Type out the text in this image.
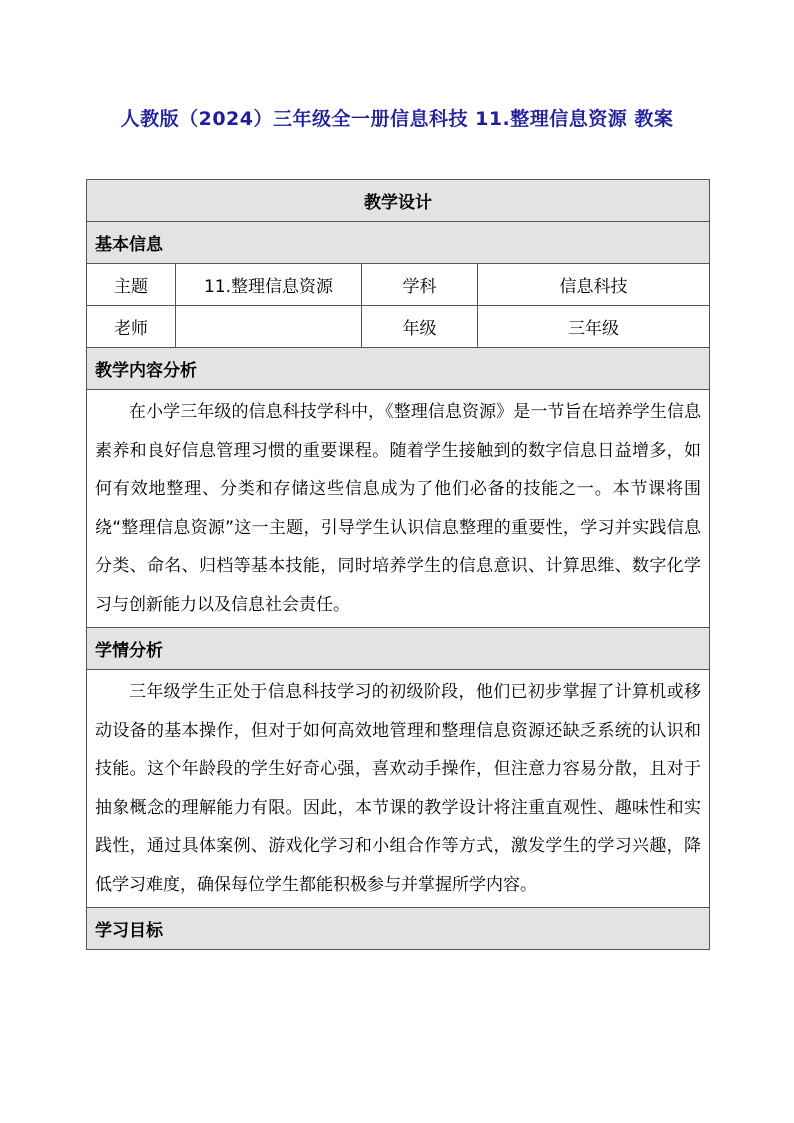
人教版（2024）三年级全一册信息科技 11.整理信息资源 教案
教学设计			
基本信息			
主题	11.整理信息资源	学科	信息科技
老师		年级	三年级
教学内容分析			

在小学三年级的信息科技学科中，《整理信息资源》是一节旨在培养学生信息素养和良好信息管理习惯的重要课程。随着学生接触到的数字信息日益增多，如何有效地整理、分类和存储这些信息成为了他们必备的技能之一。本节课将围绕“整理信息资源”这一主题，引导学生认识信息整理的重要性，学习并实践信息分类、命名、归档等基本技能，同时培养学生的信息意识、计算思维、数字化学习与创新能力以及信息社会责任。			

学情分析			

三年级学生正处于信息科技学习的初级阶段，他们已初步掌握了计算机或移动设备的基本操作，但对于如何高效地管理和整理信息资源还缺乏系统的认识和技能。这个年龄段的学生好奇心强，喜欢动手操作，但注意力容易分散，且对于抽象概念的理解能力有限。因此，本节课的教学设计将注重直观性、趣味性和实践性，通过具体案例、游戏化学习和小组合作等方式，激发学生的学习兴趣，降低学习难度，确保每位学生都能积极参与并掌握所学内容。			

学习目标			
